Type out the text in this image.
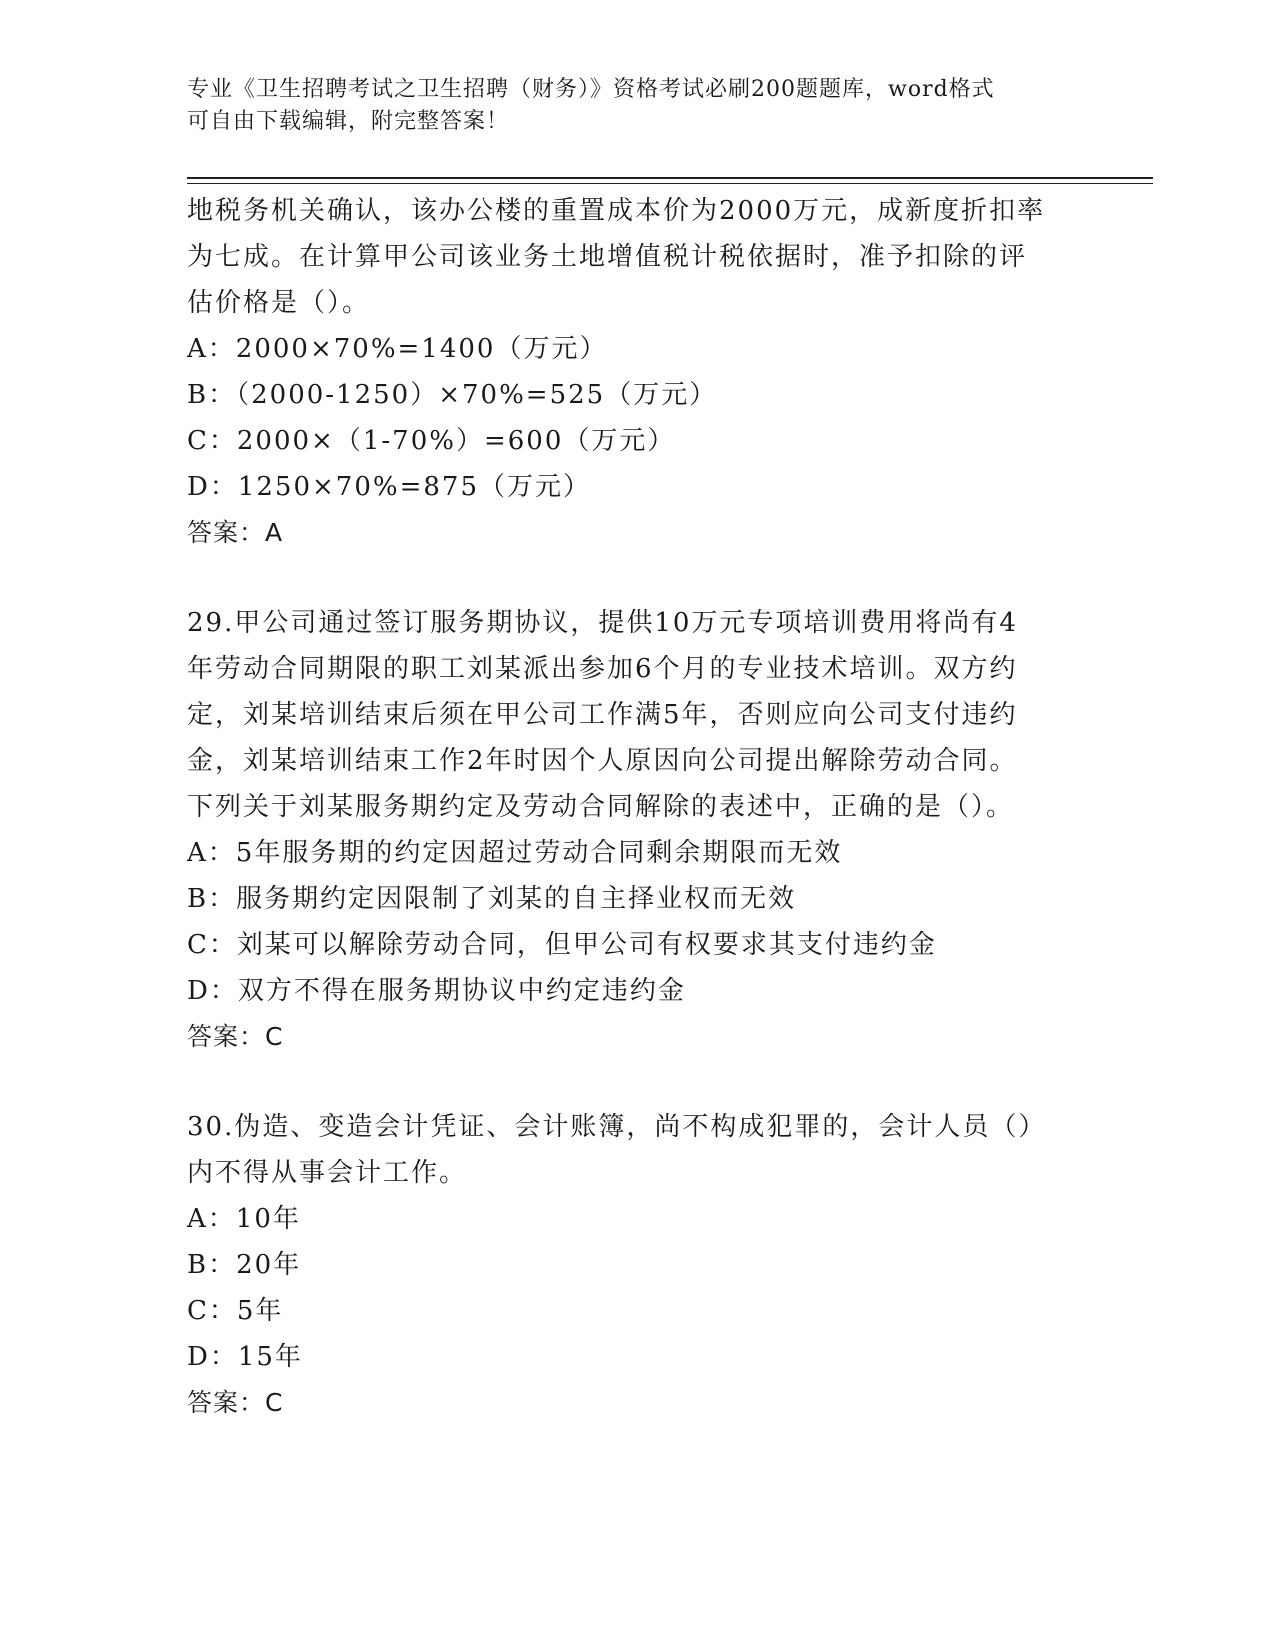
专业《卫生招聘考试之卫生招聘（财务）》资格考试必刷200题题库，word格式
可自由下载编辑，附完整答案！
地税务机关确认，该办公楼的重置成本价为2000万元，成新度折扣率
为七成。在计算甲公司该业务土地增值税计税依据时，准予扣除的评
估价格是（）。
A：2000×70%=1400（万元）
B：（2000-1250）×70%=525（万元）
C：2000×（1-70%）=600（万元）
D：1250×70%=875（万元）
答案：A
29.甲公司通过签订服务期协议，提供10万元专项培训费用将尚有4
年劳动合同期限的职工刘某派出参加6个月的专业技术培训。双方约
定，刘某培训结束后须在甲公司工作满5年，否则应向公司支付违约
金，刘某培训结束工作2年时因个人原因向公司提出解除劳动合同。
下列关于刘某服务期约定及劳动合同解除的表述中，正确的是（）。
A：5年服务期的约定因超过劳动合同剩余期限而无效
B：服务期约定因限制了刘某的自主择业权而无效
C：刘某可以解除劳动合同，但甲公司有权要求其支付违约金
D：双方不得在服务期协议中约定违约金
答案：C
30.伪造、变造会计凭证、会计账簿，尚不构成犯罪的，会计人员（）
内不得从事会计工作。
A：10年
B：20年
C：5年
D：15年
答案：C
